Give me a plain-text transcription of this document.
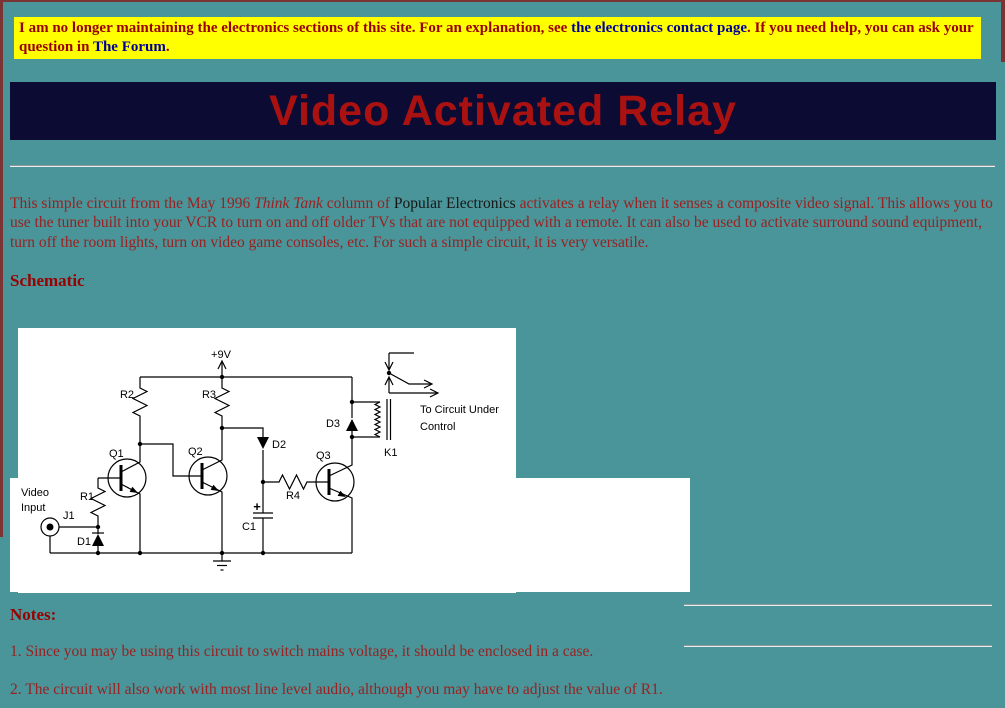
I am no longer maintaining the electronics sections of this site. For an explanation, see the electronics contact page. If you need help, you can ask your question in The Forum.
Video Activated Relay
This simple circuit from the May 1996 Think Tank column of Popular Electronics activates a relay when it senses a composite video signal. This allows you to use the tuner built into your VCR to turn on and off older TVs that are not equipped with a remote. It can also be used to activate surround sound equipment, turn off the room lights, turn on video game consoles, etc. For such a simple circuit, it is very versatile.
Schematic
+9V
R2	R3
Q1	Q2	Q3
D3
D2
D1
R1	R4
C1
K1
J1
+
Video
Input
To Circuit Under
Control
Notes:
1. Since you may be using this circuit to switch mains voltage, it should be enclosed in a case.
2. The circuit will also work with most line level audio, although you may have to adjust the value of R1.
